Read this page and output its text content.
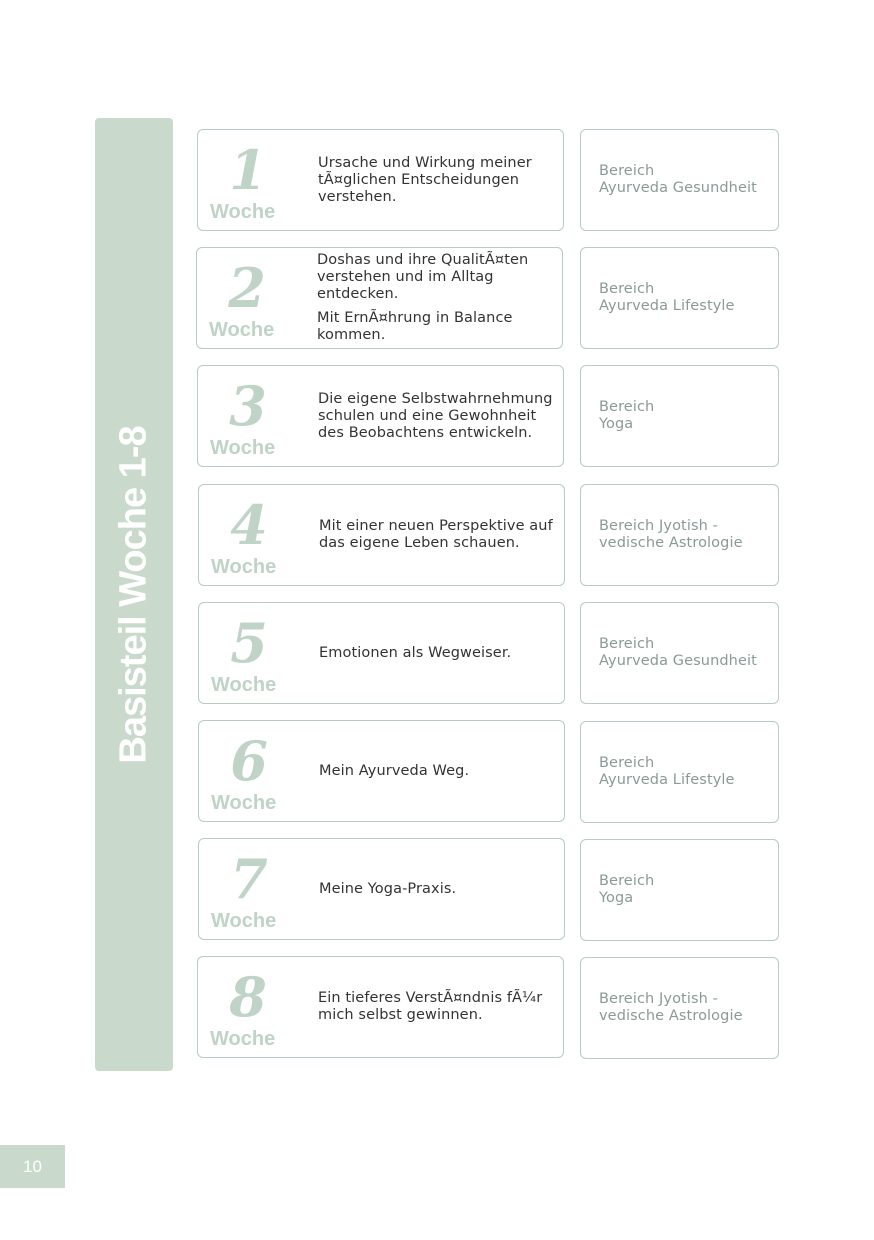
Basisteil Woche 1-8
1
Woche

Ursache und Wirkung meiner tÃ¤glichen Entscheidungen verstehen.

Bereich
Ayurveda Gesundheit
2
Woche

Doshas und ihre QualitÃ¤ten verstehen und im Alltag entdecken.

Mit ErnÃ¤hrung in Balance kommen.

Bereich
Ayurveda Lifestyle
3
Woche

Die eigene Selbstwahrnehmung schulen und eine Gewohnheit des Beobachtens entwickeln.

Bereich
Yoga
4
Woche

Mit einer neuen Perspektive auf das eigene Leben schauen.

Bereich Jyotish -
vedische Astrologie
5
Woche

Emotionen als Wegweiser.

Bereich
Ayurveda Gesundheit
6
Woche

Mein Ayurveda Weg.	Bereich
Ayurveda Lifestyle
7
Woche

Meine Yoga-Praxis.	Bereich
Yoga
8
Woche

Ein tieferes VerstÃ¤ndnis fÃ¼r mich selbst gewinnen.

Bereich Jyotish -
vedische Astrologie
10
